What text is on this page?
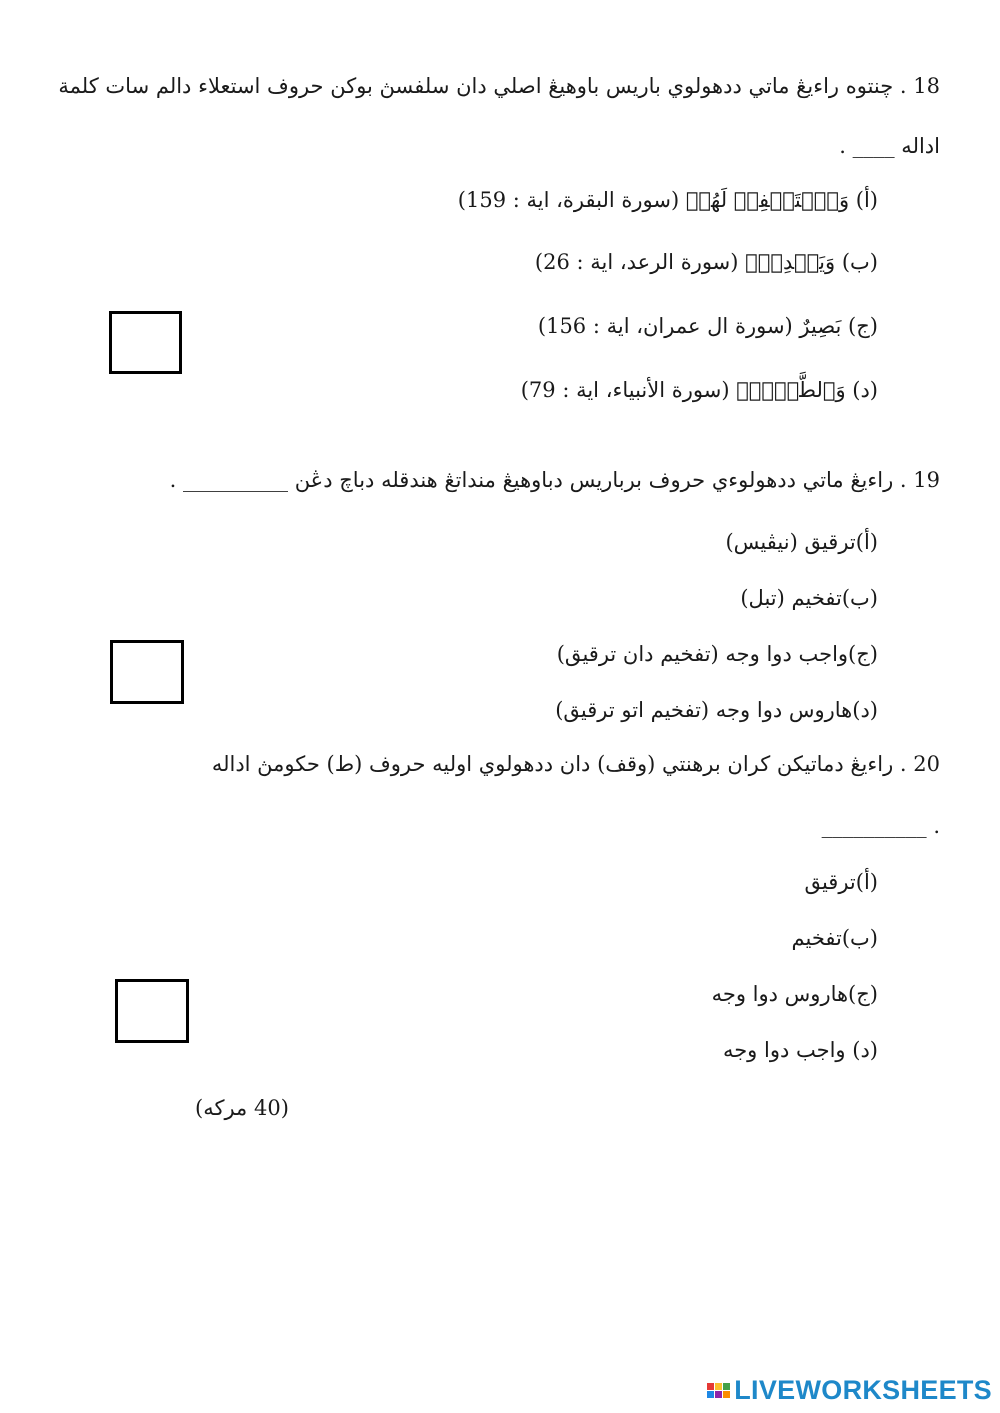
18 . چنتوه راءيڠ ماتي ددهولوي باريس باوهيڠ اصلي دان سلفسڽ بوکن حروف استعلاء دالم سات کلمة
اداله ____ .
(أ) وَٱسۡتَغۡفِرۡ لَهُمۡ (سورة البقرة، اية : 159)
(ب) وَيَقۡدِرُۚ (سورة الرعد، اية : 26)
(ج) بَصِيرٌ (سورة ال عمران، اية : 156)
(د) وَٱلطَّيۡرَۚ (سورة الأنبياء، اية : 79)
19 . راءيڠ ماتي ددهولوءي حروف برباريس دباوهيڠ منداتڠ هندقله دباچ دڠن __________ .
(أ)ترقيق (نيڤيس)
(ب)تفخيم (تبل)
(ج)واجب دوا وجه (تفخيم دان ترقيق)
(د)هاروس دوا وجه (تفخيم اتو ترقيق)
20 . راءيڠ دماتيکن کران برهنتي (وقف) دان ددهولوي اوليه حروف (ط) حکومڽ اداله
__________ .
(أ)ترقيق
(ب)تفخيم
(ج)هاروس دوا وجه
(د) واجب دوا وجه
(40 مرکه)
LIVEWORKSHEETS
